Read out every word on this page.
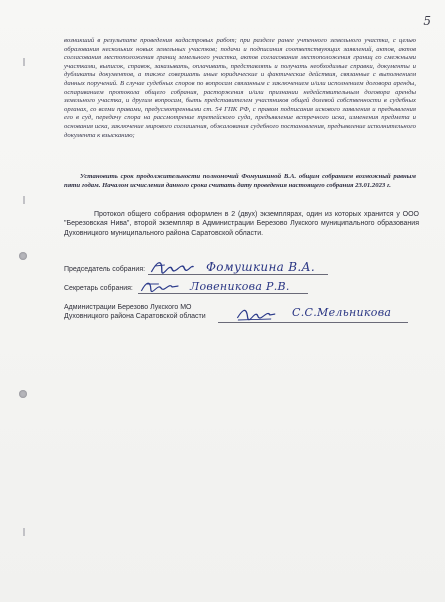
5
возникший в результате проведения кадастровых работ; при разделе ранее учтенного земельного участка, с целью образования нескольких новых земельных участков; подачи и подписания соответствующих заявлений, актов, актов согласования местоположения границ земельного участка, актов согласования местоположения границ со смежными участками, выписок, справок, заказывать, оплачивать, представлять и получать необходимые справки, документы и дубликаты документов, а также совершать иные юридические и фактические действия, связанные с выполнением данных поручений. В случае судебных споров по вопросам связанным с заключением и/или исполнением договора аренды, оспариванием протокола общего собрания, расторжения и/или признании недействительным договора аренды земельного участка, и другим вопросам, быть представителем участников общей долевой собственности в судебных органах, со всеми правами, предусмотренными ст. 54 ГПК РФ, с правом подписания искового заявления и предъявления его в суд, передачу спора на рассмотрение третейского суда, предъявление встречного иска, изменения предмета и основания иска, заключение мирового соглашения, обжалования судебного постановления, предъявление исполнительного документа к взысканию;
Установить срок продолжительности полномочий Фомушкиной В.А. общим собранием возможный равным пяти годам. Началом исчисления данного срока считать дату проведения настоящего собрания 23.01.2023 г.
Протокол общего собрания оформлен в 2 (двух) экземплярах, один из которых хранится у ООО "Березовская Нива", второй экземпляр в Администрации Березово Лукского муниципального образования Духовницкого муниципального района Саратовской области.
Председатель собрания:	Фомушкина В.А.
Секретарь собрания:	Ловеникова Р.В.
Администрации Березово Лукского МО
Духовницкого района Саратовской области	С.С.Мельникова
